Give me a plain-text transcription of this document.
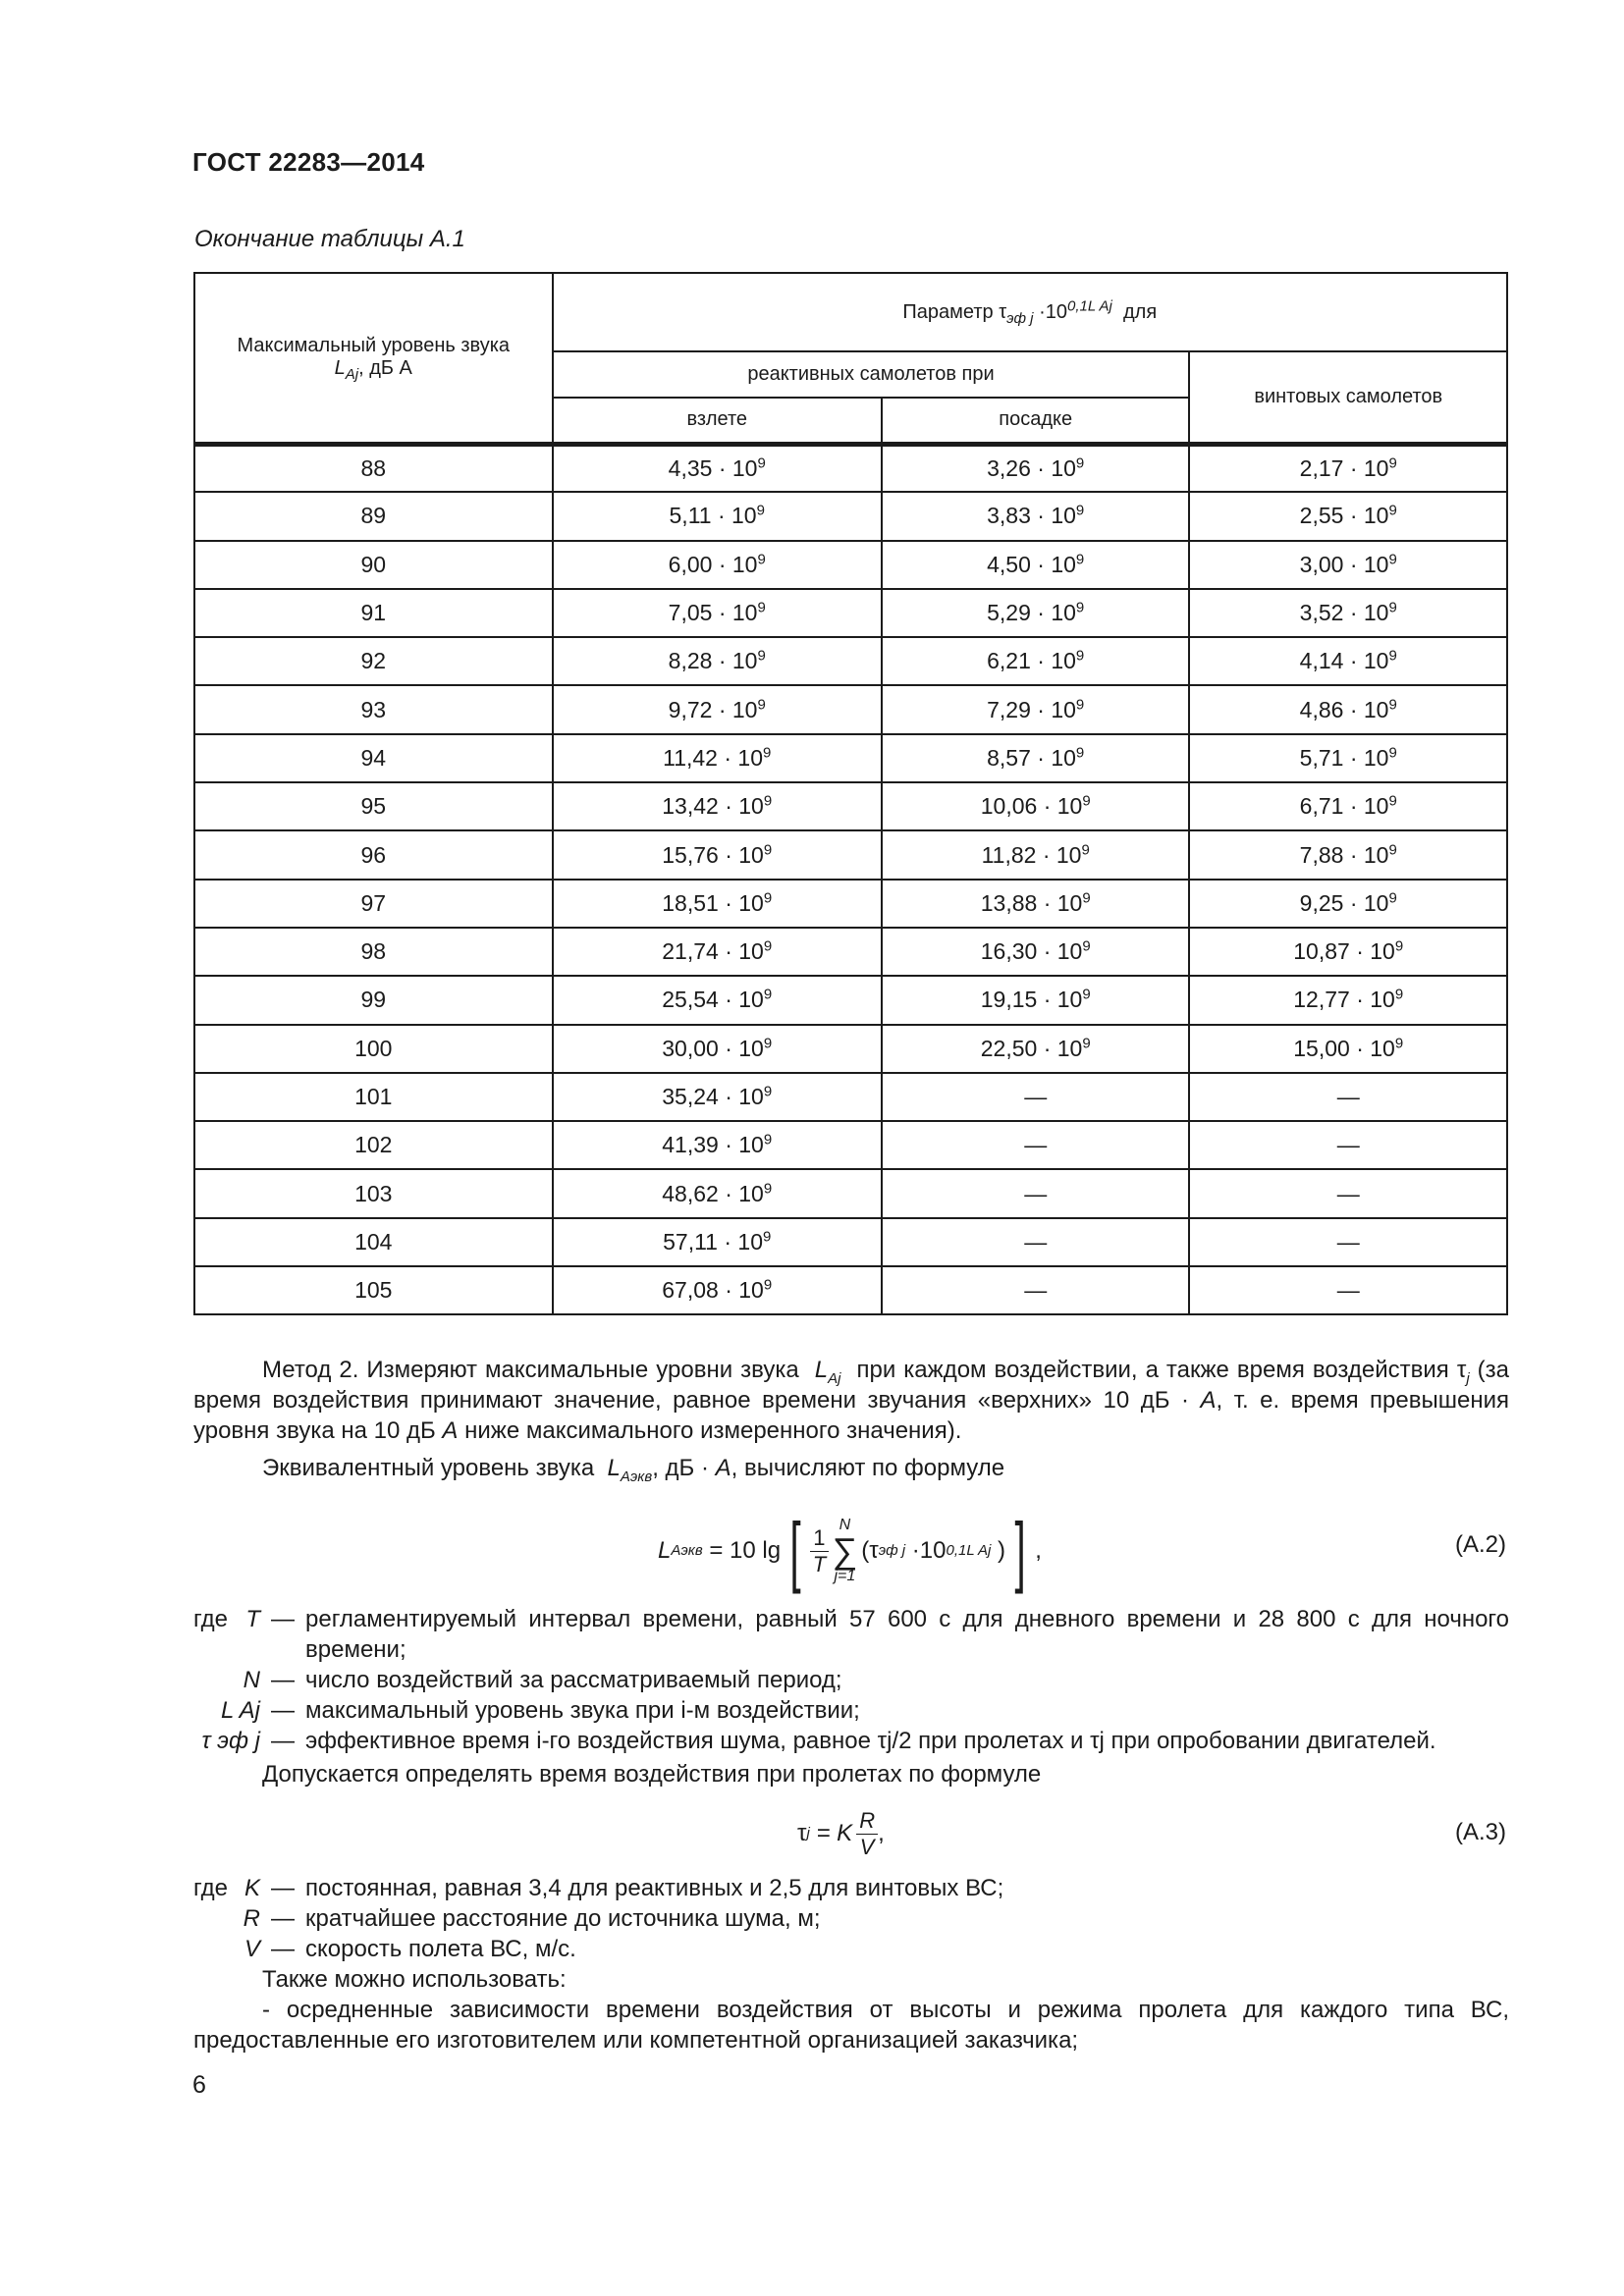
ГОСТ 22283—2014
Окончание таблицы А.1
Максимальный уровень звука
$L_{Aj}$, дБ А	Параметр $\tau_{эф j} \cdot 10^{0,1L Aj}$ для		
	реактивных самолетов при		винтовых самолетов
	взлете	посадке	
88	$4,35 \cdot 10^9$	$3,26 \cdot 10^9$	$2,17 \cdot 10^9$
89	$5,11 \cdot 10^9$	$3,83 \cdot 10^9$	$2,55 \cdot 10^9$
90	$6,00 \cdot 10^9$	$4,50 \cdot 10^9$	$3,00 \cdot 10^9$
91	$7,05 \cdot 10^9$	$5,29 \cdot 10^9$	$3,52 \cdot 10^9$
92	$8,28 \cdot 10^9$	$6,21 \cdot 10^9$	$4,14 \cdot 10^9$
93	$9,72 \cdot 10^9$	$7,29 \cdot 10^9$	$4,86 \cdot 10^9$
94	$11,42 \cdot 10^9$	$8,57 \cdot 10^9$	$5,71 \cdot 10^9$
95	$13,42 \cdot 10^9$	$10,06 \cdot 10^9$	$6,71 \cdot 10^9$
96	$15,76 \cdot 10^9$	$11,82 \cdot 10^9$	$7,88 \cdot 10^9$
97	$18,51 \cdot 10^9$	$13,88 \cdot 10^9$	$9,25 \cdot 10^9$
98	$21,74 \cdot 10^9$	$16,30 \cdot 10^9$	$10,87 \cdot 10^9$
99	$25,54 \cdot 10^9$	$19,15 \cdot 10^9$	$12,77 \cdot 10^9$
100	$30,00 \cdot 10^9$	$22,50 \cdot 10^9$	$15,00 \cdot 10^9$
101	$35,24 \cdot 10^9$	—	—
102	$41,39 \cdot 10^9$	—	—
103	$48,62 \cdot 10^9$	—	—
104	$57,11 \cdot 10^9$	—	—
105	$67,08 \cdot 10^9$	—	—
Метод 2. Измеряют максимальные уровни звука $L_{Aj}$ при каждом воздействии, а также время воздействия $\tau_j$ (за время воздействия принимают значение, равное времени звучания «верхних» 10 дБ · А, т. е. время превышения уровня звука на 10 дБ А ниже максимального измеренного значения).
Эквивалентный уровень звука $L_{Aэкв}$, дБ · А, вычисляют по формуле
L Aэкв
= 10 lg [ $\frac{1}{T}$
N
∑
j=1
(τ эф j
·10 0,1L Aj
) ] ,	(А.2)
где T — регламентируемый интервал времени, равный 57 600 с для дневного времени и 28 800 с для ночного времени;
N — число воздействий за рассматриваемый период;
L Aj — максимальный уровень звука при i-м воздействии;
τ эф j — эффективное время i-го воздействия шума, равное τj/2 при пролетах и τj при опробовании двигателей.
Допускается определять время воздействия при пролетах по формуле
τ j
= K $\frac{R}{V}$ ,	(А.3)
где K — постоянная, равная 3,4 для реактивных и 2,5 для винтовых ВС;
R — кратчайшее расстояние до источника шума, м;
V — скорость полета ВС, м/с.
Также можно использовать:
- осредненные зависимости времени воздействия от высоты и режима пролета для каждого типа ВС, предоставленные его изготовителем или компетентной организацией заказчика;
6
